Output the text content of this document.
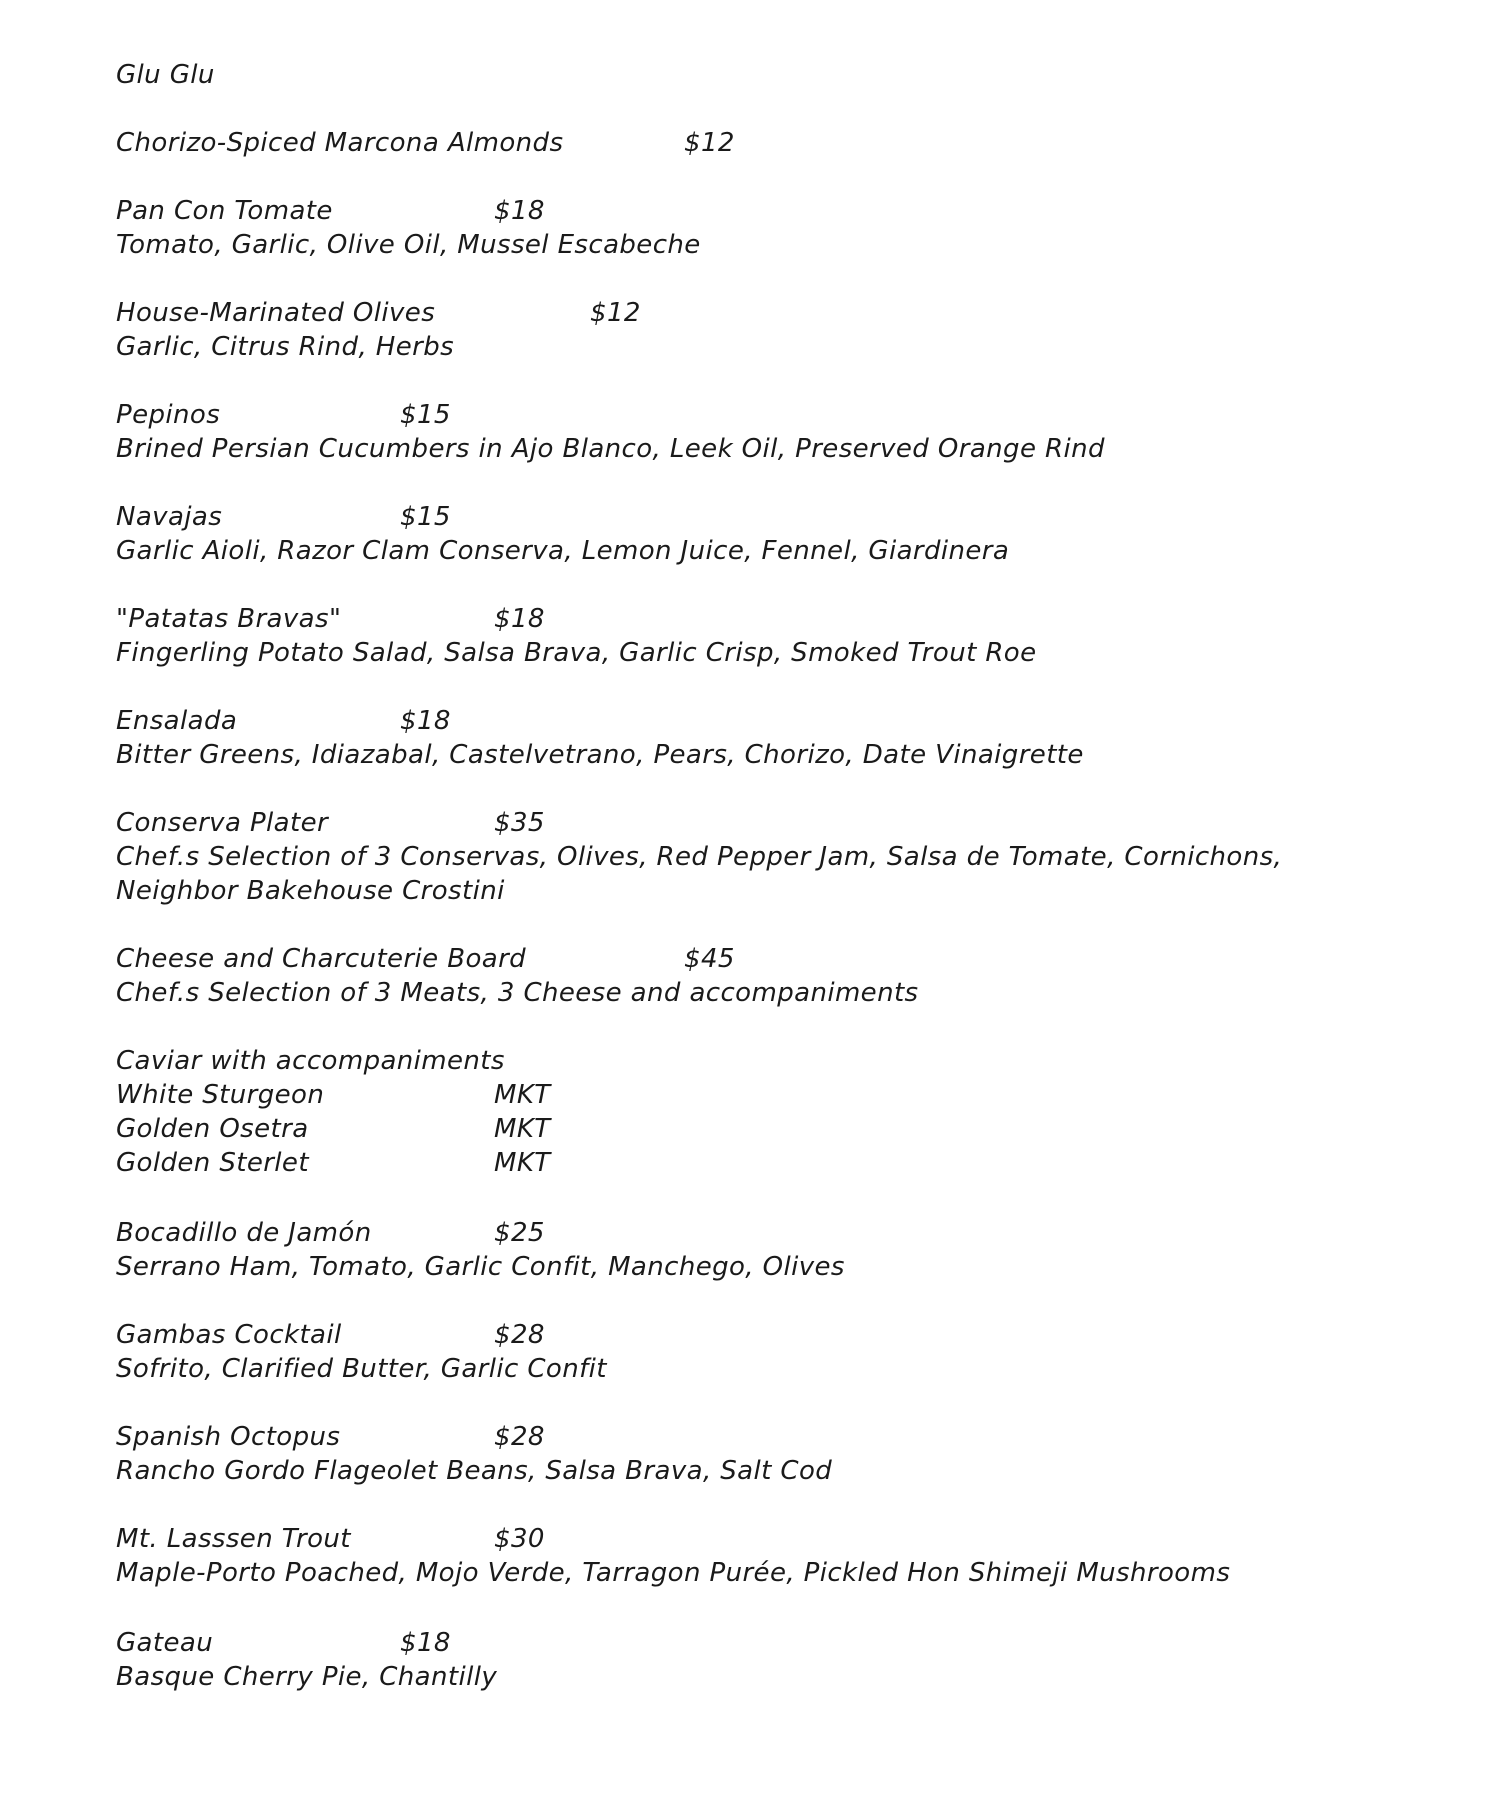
Glu Glu
Chorizo-Spiced Marcona Almonds	$12
Pan Con Tomate	$18
Tomato, Garlic, Olive Oil, Mussel Escabeche
House-Marinated Olives	$12
Garlic, Citrus Rind, Herbs
Pepinos	$15
Brined Persian Cucumbers in Ajo Blanco, Leek Oil, Preserved Orange Rind
Navajas	$15
Garlic Aioli, Razor Clam Conserva, Lemon Juice, Fennel, Giardinera
"Patatas Bravas"	$18
Fingerling Potato Salad, Salsa Brava, Garlic Crisp, Smoked Trout Roe
Ensalada	$18
Bitter Greens, Idiazabal, Castelvetrano, Pears, Chorizo, Date Vinaigrette
Conserva Plater	$35
Chef.s Selection of 3 Conservas, Olives, Red Pepper Jam, Salsa de Tomate, Cornichons,
Neighbor Bakehouse Crostini
Cheese and Charcuterie Board	$45
Chef.s Selection of 3 Meats, 3 Cheese and accompaniments
Caviar with accompaniments
White Sturgeon	MKT
Golden Osetra	MKT
Golden Sterlet	MKT
Bocadillo de Jamón	$25
Serrano Ham, Tomato, Garlic Confit, Manchego, Olives
Gambas Cocktail	$28
Sofrito, Clarified Butter, Garlic Confit
Spanish Octopus	$28
Rancho Gordo Flageolet Beans, Salsa Brava, Salt Cod
Mt. Lasssen Trout	$30
Maple-Porto Poached, Mojo Verde, Tarragon Purée, Pickled Hon Shimeji Mushrooms
Gateau	$18
Basque Cherry Pie, Chantilly
